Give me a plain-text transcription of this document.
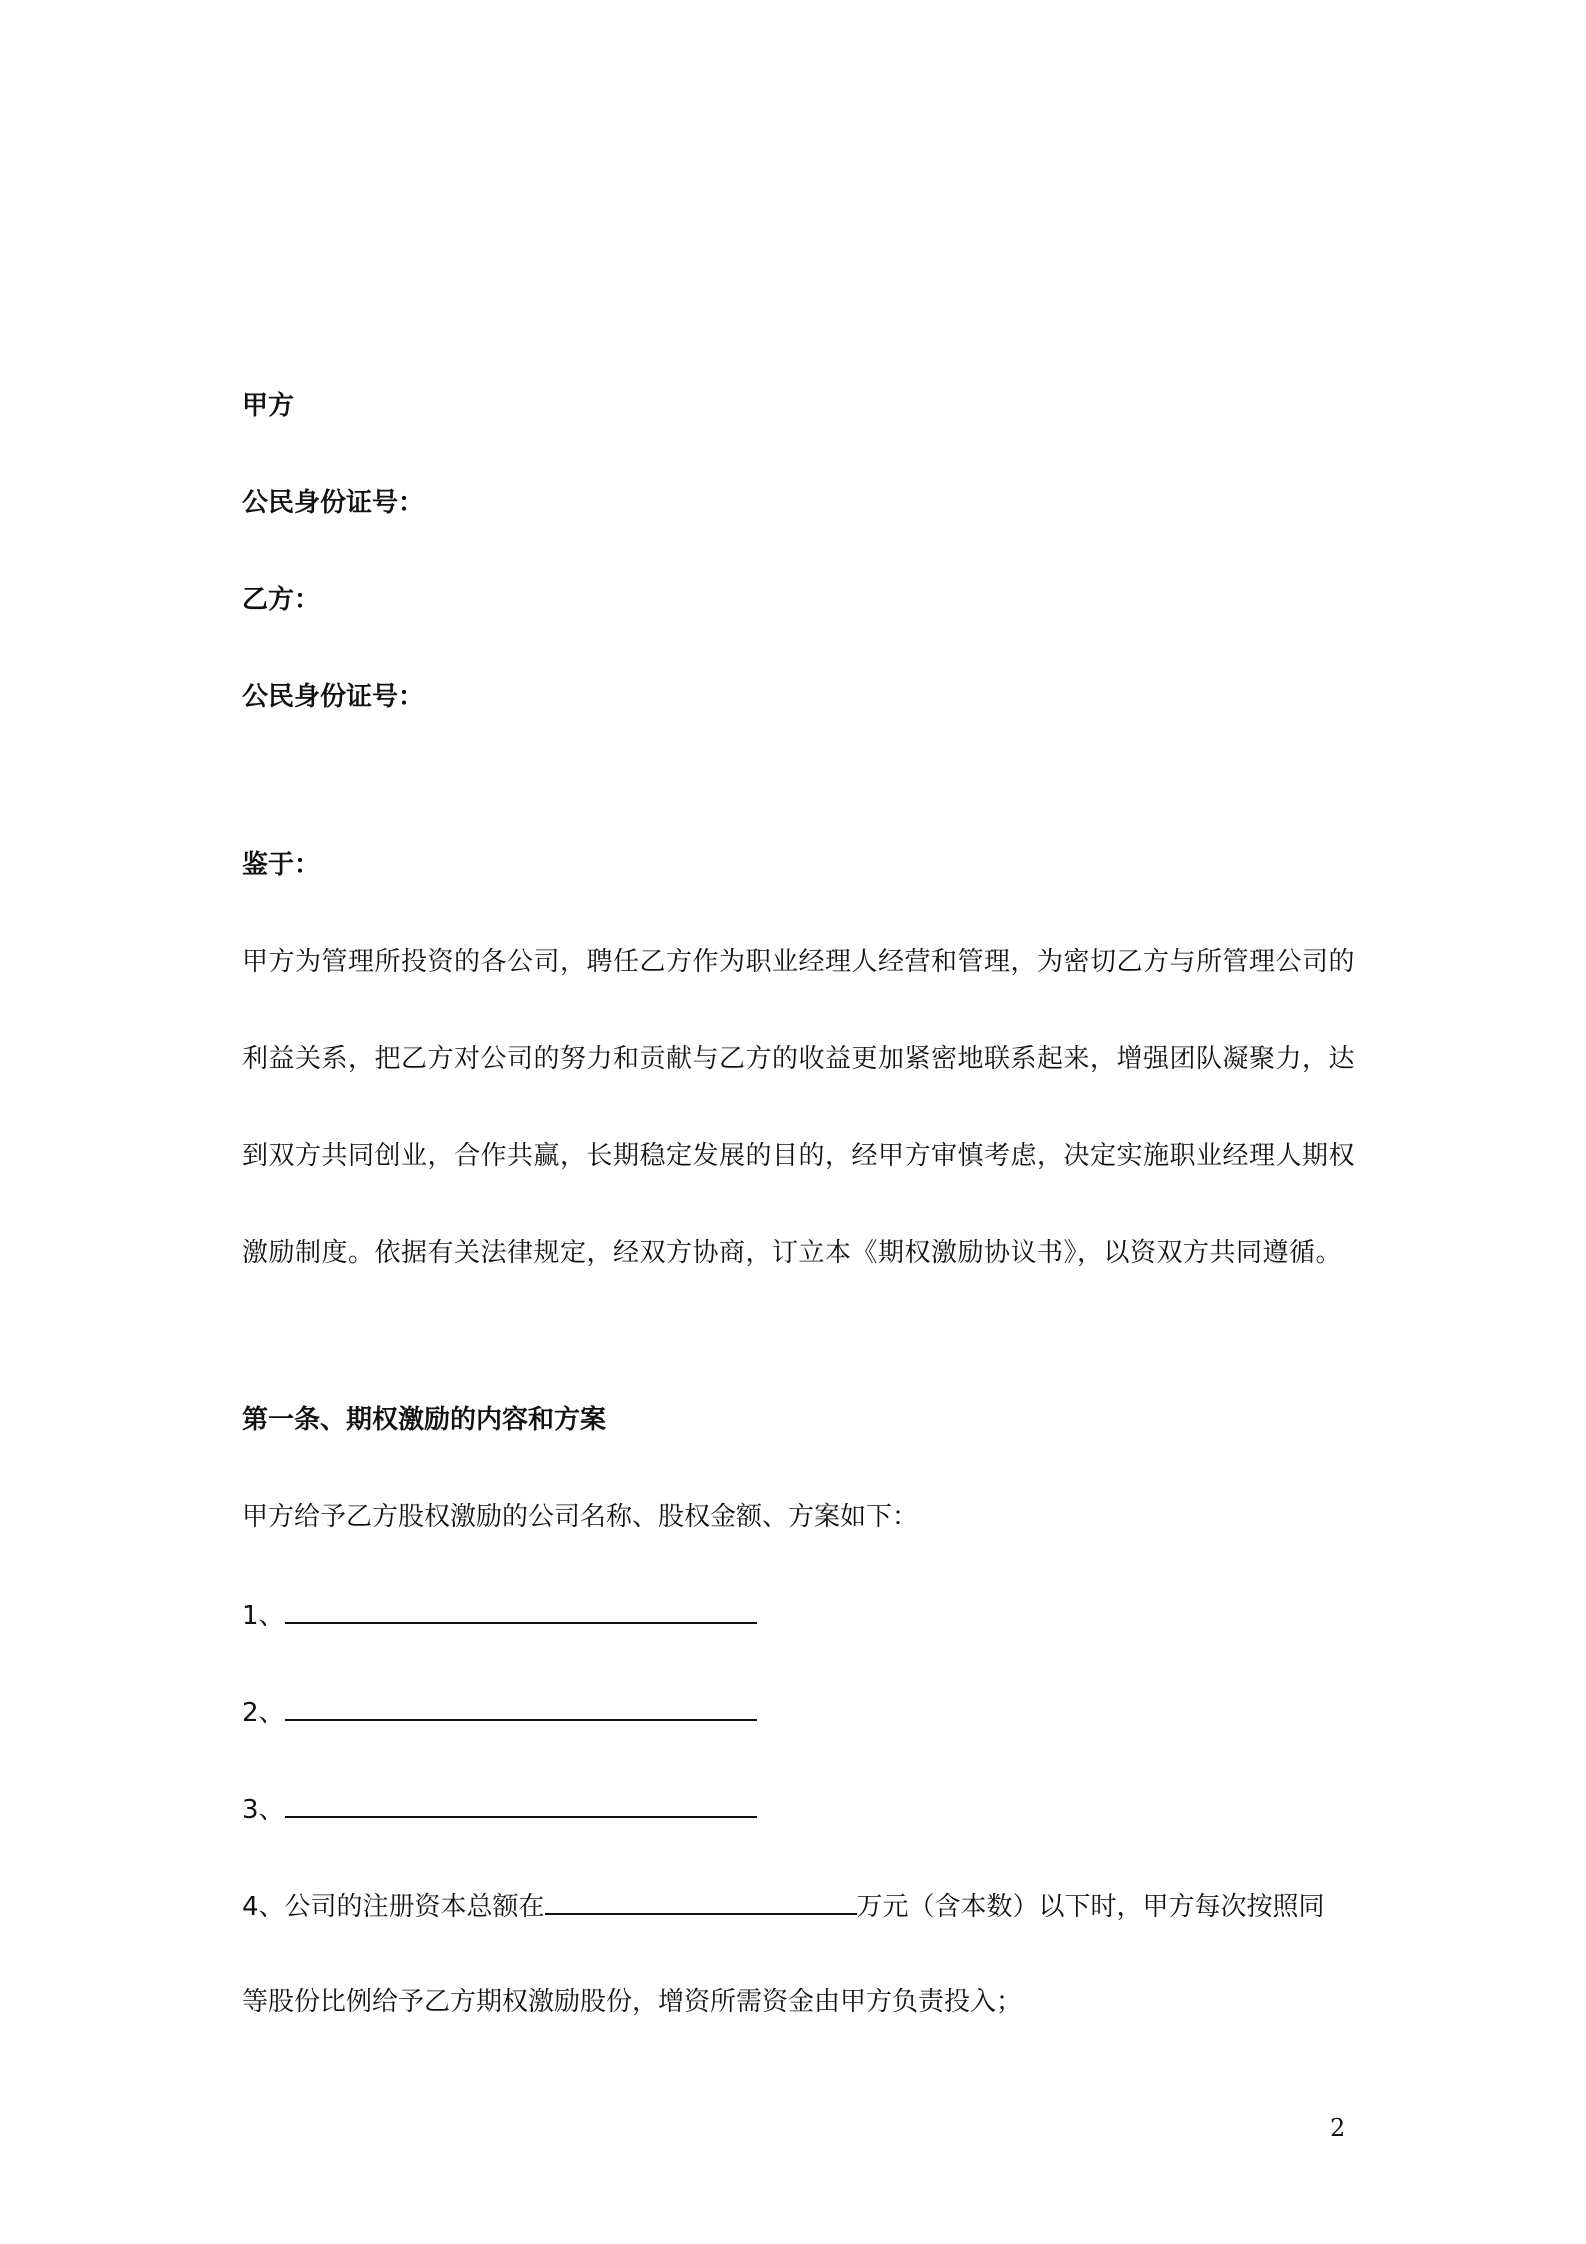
甲方
公民身份证号：
乙方：
公民身份证号：
鉴于：
甲方为管理所投资的各公司，聘任乙方作为职业经理人经营和管理，为密切乙方与所管理公司的
利益关系，把乙方对公司的努力和贡献与乙方的收益更加紧密地联系起来，增强团队凝聚力，达
到双方共同创业，合作共赢，长期稳定发展的目的，经甲方审慎考虑，决定实施职业经理人期权
激励制度。依据有关法律规定，经双方协商，订立本《期权激励协议书》，以资双方共同遵循。
第一条、期权激励的内容和方案
甲方给予乙方股权激励的公司名称、股权金额、方案如下：
1、
2、
3、
4、公司的注册资本总额在	万元（含本数）以下时，甲方每次按照同
等股份比例给予乙方期权激励股份，增资所需资金由甲方负责投入；
2
